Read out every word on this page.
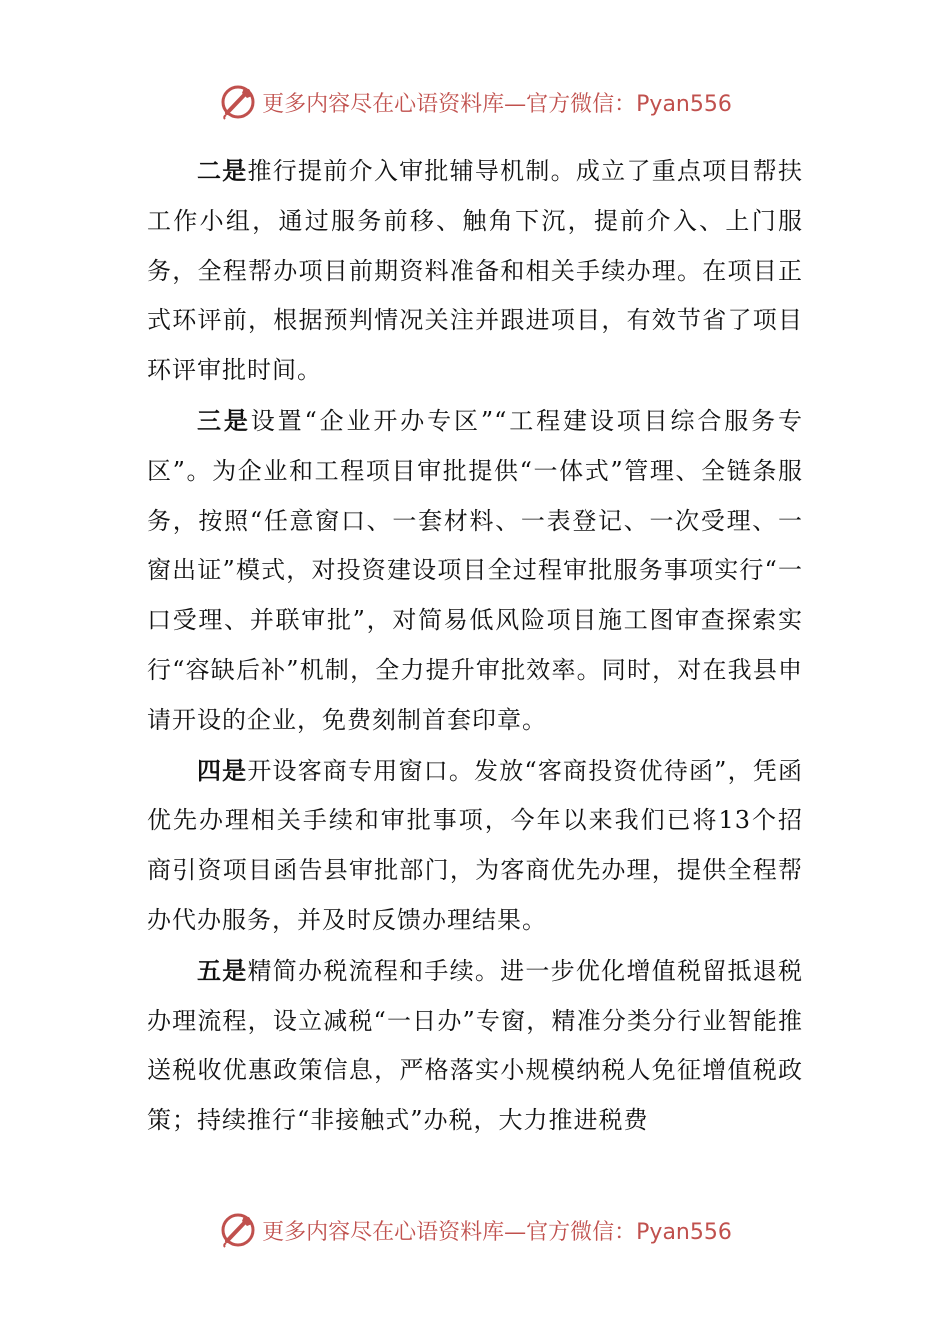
更多内容尽在心语资料库—官方微信：Pyan556

二是推行提前介入审批辅导机制。成立了重点项目帮扶工作小组，通过服务前移、触角下沉，提前介入、上门服务，全程帮办项目前期资料准备和相关手续办理。在项目正式环评前，根据预判情况关注并跟进项目，有效节省了项目环评审批时间。

三是设置“企业开办专区”“工程建设项目综合服务专区”。为企业和工程项目审批提供“一体式”管理、全链条服务，按照“任意窗口、一套材料、一表登记、一次受理、一窗出证”模式，对投资建设项目全过程审批服务事项实行“一口受理、并联审批”，对简易低风险项目施工图审查探索实行“容缺后补”机制，全力提升审批效率。同时，对在我县申请开设的企业，免费刻制首套印章。

四是开设客商专用窗口。发放“客商投资优待函”，凭函优先办理相关手续和审批事项，今年以来我们已将13个招商引资项目函告县审批部门，为客商优先办理，提供全程帮办代办服务，并及时反馈办理结果。

五是精简办税流程和手续。进一步优化增值税留抵退税办理流程，设立减税“一日办”专窗，精准分类分行业智能推送税收优惠政策信息，严格落实小规模纳税人免征增值税政策；持续推行“非接触式”办税，大力推进税费

更多内容尽在心语资料库—官方微信：Pyan556
